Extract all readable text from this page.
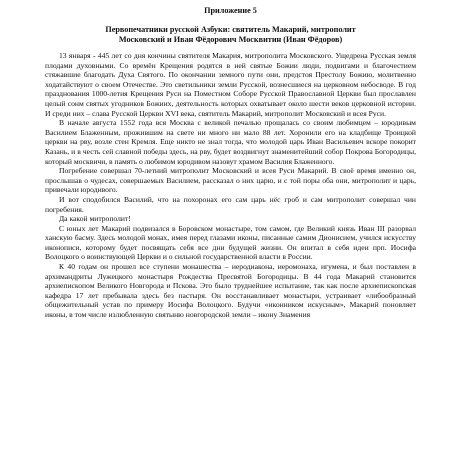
Приложение 5
Первопечатники русской Азбуки: святитель Макарий, митрополит
Московский и Иван Фёдорович Москвитин (Иван Фёдоров)

13 января - 445 лет со дня кончины святителя Макария, митрополита Московского. Ущедрена Русская земля плодами духовными. Со времён Крещения родятся в ней святые Божии люди, подвигами и благочестием стяжавшие благодать Духа Святого. По окончании земного пути они, предстоя Престолу Божию, молитвенно ходатайствуют о своем Отечестве. Это светильники земли Русской, вознесшиеся на церковном небосводе. В год празднования 1000-летия Крещения Руси на Поместном Соборе Русской Православной Церкви был прославлен целый сонм святых угодников Божиих, деятельность которых охватывает около шести веков церковной истории. И среди них – слава Русской Церкви XVI века, святитель Макарий, митрополит Московский и всея Руси.

В начале августа 1552 года вся Москва с великой печалью прощалась со своим любимцем – юродивым Василием Блаженным, прожившим на свете ни много ни мало 88 лет. Хоронили его на кладбище Троицкой церкви на рву, возле стен Кремля. Еще никто не знал тогда, что молодой царь Иван Васильевич вскоре покорит Казань, и в честь сей славной победы здесь, на рву, будет воздвигнут знаменитейший собор Покрова Богородицы, который москвичи, в память о любимом юродивом назовут храмом Василия Блаженного.

Погребение совершал 70-летний митрополит Московский и всея Руси Макарий. В своё время именно он, прослышав о чудесах, совершаемых Василием, рассказал о них царю, и с той поры оба они, митрополит и царь, привечали юродивого.

И вот сподобился Василий, что на похоронах его сам царь нёс гроб и сам митрополит совершал чин погребения.

Да какой митрополит!

С юных лет Макарий подвизался в Боровском монастыре, том самом, где Великий князь Иван III разорвал ханскую басму. Здесь молодой монах, имея перед глазами иконы, писанные самим Дионисием, учился искусству иконописи, которому будет посвящать себя все дни будущей жизни. Он впитал в себя идеи прп. Иосифа Волоцкого о воинствующей Церкви и о сильной государственной власти в России.

К 40 годам он прошел все ступени монашества – иеродиакона, иеромонаха, игумена, и был поставлен в архимандриты Лужецкого монастыря Рождества Пресвятой Богородицы. В 44 года Макарий становится архиепископом Великого Новгорода и Пскова. Это было труднейшее испытание, так как после архиепископская кафедра 17 лет пребывала здесь без пастыря. Он восстанавливает монастыри, устраивает «либообразный общежительный устав по примеру Иосифа Волоцкого. Будучи «иконником искусным», Макарий поновляет иконы, в том числе излюбленную святыню новгородской земли – икону Знамения
